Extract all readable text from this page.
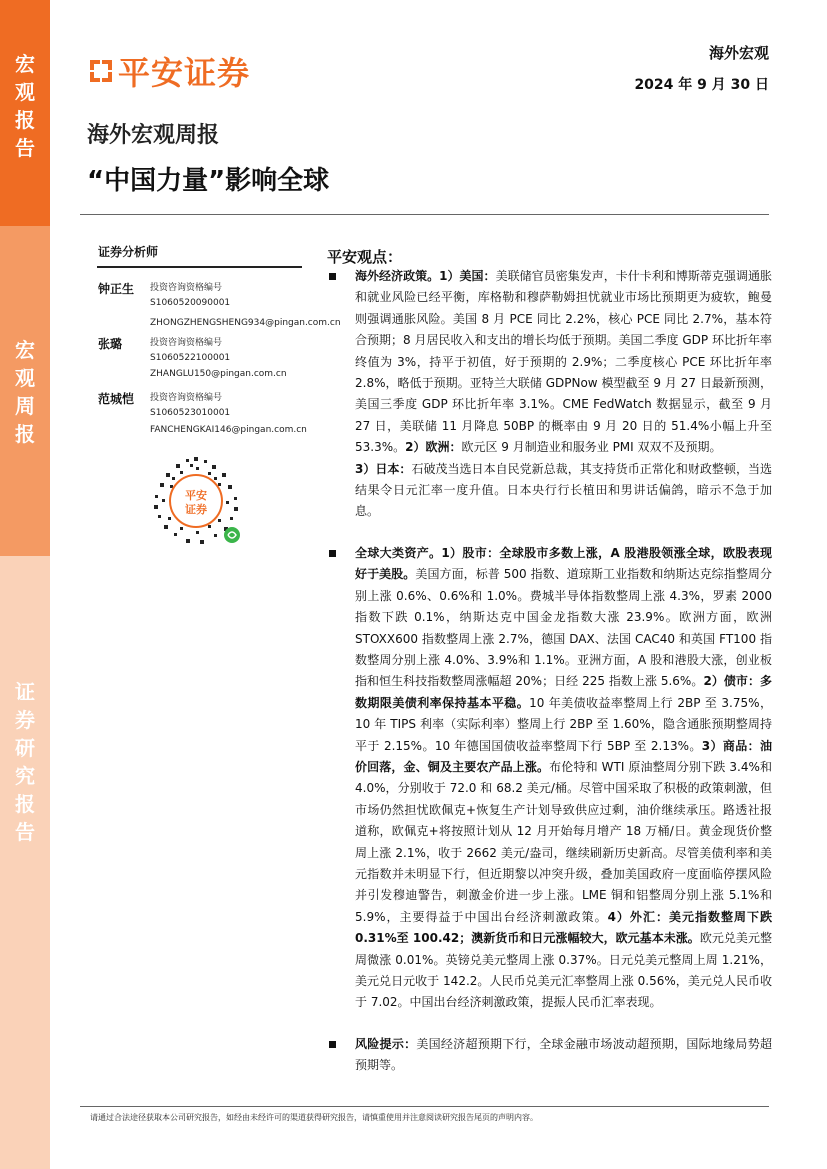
宏
观
报
告
宏
观
周
报
证
券
研
究
报
告
平安证券
海外宏观
2024 年 9 月 30 日
海外宏观周报
“中国力量”影响全球
证券分析师
钟正生 投资咨询资格编号
S1060520090001
ZHONGZHENGSHENG934@pingan.com.cn
张璐	投资咨询资格编号
S1060522100001
ZHANGLU150@pingan.com.cn
范城恺 投资咨询资格编号
S1060523010001
FANCHENGKAI146@pingan.com.cn
平安
证券
平安观点：
海外经济政策。1）美国：美联储官员密集发声，卡什卡利和博斯蒂克强调通胀和就业风险已经平衡，库格勒和穆萨勒姆担忧就业市场比预期更为疲软，鲍曼则强调通胀风险。美国 8 月 PCE 同比 2.2%，核心 PCE 同比 2.7%，基本符合预期；8 月居民收入和支出的增长均低于预期。美国二季度 GDP 环比折年率终值为 3%，持平于初值，好于预期的 2.9%；二季度核心 PCE 环比折年率 2.8%，略低于预期。亚特兰大联储 GDPNow 模型截至 9 月 27 日最新预测，美国三季度 GDP 环比折年率 3.1%。CME FedWatch 数据显示，截至 9 月 27 日，美联储 11 月降息 50BP 的概率由 9 月 20 日的 51.4%小幅上升至 53.3%。2）欧洲：欧元区 9 月制造业和服务业 PMI 双双不及预期。
3）日本：石破茂当选日本自民党新总裁，其支持货币正常化和财政整顿，当选结果令日元汇率一度升值。日本央行行长植田和男讲话偏鸽，暗示不急于加息。
全球大类资产。1）股市：全球股市多数上涨，A 股港股领涨全球，欧股表现好于美股。美国方面，标普 500 指数、道琼斯工业指数和纳斯达克综指整周分别上涨 0.6%、0.6%和 1.0%。费城半导体指数整周上涨 4.3%，罗素 2000 指数下跌 0.1%，纳斯达克中国金龙指数大涨 23.9%。欧洲方面，欧洲 STOXX600 指数整周上涨 2.7%，德国 DAX、法国 CAC40 和英国 FT100 指数整周分别上涨 4.0%、3.9%和 1.1%。亚洲方面，A 股和港股大涨，创业板指和恒生科技指数整周涨幅超 20%；日经 225 指数上涨 5.6%。2）债市：多数期限美债利率保持基本平稳。10 年美债收益率整周上行 2BP 至 3.75%，10 年 TIPS 利率（实际利率）整周上行 2BP 至 1.60%，隐含通胀预期整周持平于 2.15%。10 年德国国债收益率整周下行 5BP 至 2.13%。3）商品：油价回落，金、铜及主要农产品上涨。布伦特和 WTI 原油整周分别下跌 3.4%和 4.0%，分别收于 72.0 和 68.2 美元/桶。尽管中国采取了积极的政策刺激，但市场仍然担忧欧佩克+恢复生产计划导致供应过剩，油价继续承压。路透社报道称，欧佩克+将按照计划从 12 月开始每月增产 18 万桶/日。黄金现货价整周上涨 2.1%，收于 2662 美元/盎司，继续刷新历史新高。尽管美债利率和美元指数并未明显下行，但近期黎以冲突升级，叠加美国政府一度面临停摆风险并引发穆迪警告，刺激金价进一步上涨。LME 铜和铝整周分别上涨 5.1%和 5.9%，主要得益于中国出台经济刺激政策。4）外汇：美元指数整周下跌 0.31%至 100.42；澳新货币和日元涨幅较大，欧元基本未涨。欧元兑美元整周微涨 0.01%。英镑兑美元整周上涨 0.37%。日元兑美元整周上周 1.21%，美元兑日元收于 142.2。人民币兑美元汇率整周上涨 0.56%，美元兑人民币收于 7.02。中国出台经济刺激政策，提振人民币汇率表现。
风险提示：美国经济超预期下行，全球金融市场波动超预期，国际地缘局势超预期等。
请通过合法途径获取本公司研究报告，如经由未经许可的渠道获得研究报告，请慎重使用并注意阅读研究报告尾页的声明内容。
